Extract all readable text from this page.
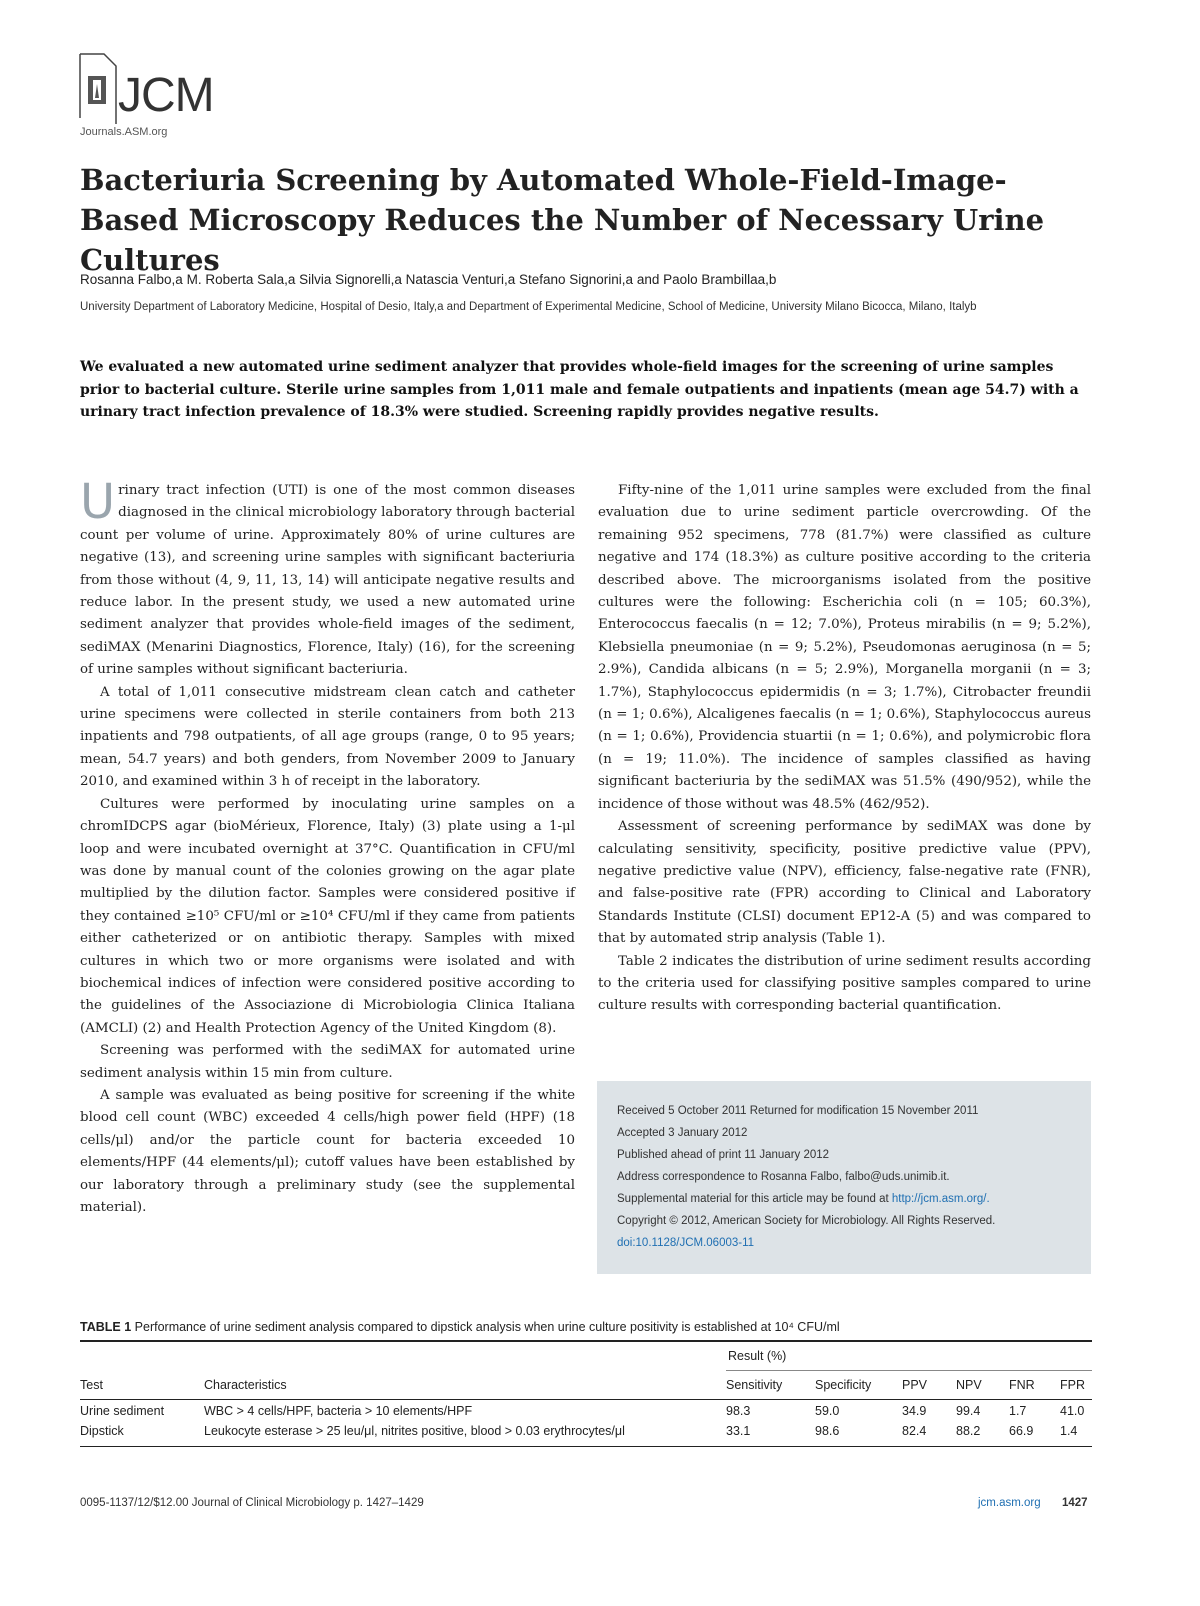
JCM
Journals.ASM.org
Bacteriuria Screening by Automated Whole-Field-Image-Based Microscopy Reduces the Number of Necessary Urine Cultures
Rosanna Falbo,a M. Roberta Sala,a Silvia Signorelli,a Natascia Venturi,a Stefano Signorini,a and Paolo Brambillaa,b
University Department of Laboratory Medicine, Hospital of Desio, Italy,a and Department of Experimental Medicine, School of Medicine, University Milano Bicocca, Milano, Italyb

We evaluated a new automated urine sediment analyzer that provides whole-field images for the screening of urine samples prior to bacterial culture. Sterile urine samples from 1,011 male and female outpatients and inpatients (mean age 54.7) with a urinary tract infection prevalence of 18.3% were studied. Screening rapidly provides negative results.

Urinary tract infection (UTI) is one of the most common diseases diagnosed in the clinical microbiology laboratory through bacterial count per volume of urine. Approximately 80% of urine cultures are negative (13), and screening urine samples with significant bacteriuria from those without (4, 9, 11, 13, 14) will anticipate negative results and reduce labor. In the present study, we used a new automated urine sediment analyzer that provides whole-field images of the sediment, sediMAX (Menarini Diagnostics, Florence, Italy) (16), for the screening of urine samples without significant bacteriuria.

A total of 1,011 consecutive midstream clean catch and catheter urine specimens were collected in sterile containers from both 213 inpatients and 798 outpatients, of all age groups (range, 0 to 95 years; mean, 54.7 years) and both genders, from November 2009 to January 2010, and examined within 3 h of receipt in the laboratory.

Cultures were performed by inoculating urine samples on a chromIDCPS agar (bioMérieux, Florence, Italy) (3) plate using a 1-μl loop and were incubated overnight at 37°C. Quantification in CFU/ml was done by manual count of the colonies growing on the agar plate multiplied by the dilution factor. Samples were considered positive if they contained ≥10⁵ CFU/ml or ≥10⁴ CFU/ml if they came from patients either catheterized or on antibiotic therapy. Samples with mixed cultures in which two or more organisms were isolated and with biochemical indices of infection were considered positive according to the guidelines of the Associazione di Microbiologia Clinica Italiana (AMCLI) (2) and Health Protection Agency of the United Kingdom (8).

Screening was performed with the sediMAX for automated urine sediment analysis within 15 min from culture.

A sample was evaluated as being positive for screening if the white blood cell count (WBC) exceeded 4 cells/high power field (HPF) (18 cells/μl) and/or the particle count for bacteria exceeded 10 elements/HPF (44 elements/μl); cutoff values have been established by our laboratory through a preliminary study (see the supplemental material).

Fifty-nine of the 1,011 urine samples were excluded from the final evaluation due to urine sediment particle overcrowding. Of the remaining 952 specimens, 778 (81.7%) were classified as culture negative and 174 (18.3%) as culture positive according to the criteria described above. The microorganisms isolated from the positive cultures were the following: Escherichia coli (n = 105; 60.3%), Enterococcus faecalis (n = 12; 7.0%), Proteus mirabilis (n = 9; 5.2%), Klebsiella pneumoniae (n = 9; 5.2%), Pseudomonas aeruginosa (n = 5; 2.9%), Candida albicans (n = 5; 2.9%), Morganella morganii (n = 3; 1.7%), Staphylococcus epidermidis (n = 3; 1.7%), Citrobacter freundii (n = 1; 0.6%), Alcaligenes faecalis (n = 1; 0.6%), Staphylococcus aureus (n = 1; 0.6%), Providencia stuartii (n = 1; 0.6%), and polymicrobic flora (n = 19; 11.0%). The incidence of samples classified as having significant bacteriuria by the sediMAX was 51.5% (490/952), while the incidence of those without was 48.5% (462/952).

Assessment of screening performance by sediMAX was done by calculating sensitivity, specificity, positive predictive value (PPV), negative predictive value (NPV), efficiency, false-negative rate (FNR), and false-positive rate (FPR) according to Clinical and Laboratory Standards Institute (CLSI) document EP12-A (5) and was compared to that by automated strip analysis (Table 1).

Table 2 indicates the distribution of urine sediment results according to the criteria used for classifying positive samples compared to urine culture results with corresponding bacterial quantification.

Received 5 October 2011 Returned for modification 15 November 2011
Accepted 3 January 2012
Published ahead of print 11 January 2012
Address correspondence to Rosanna Falbo, falbo@uds.unimib.it.
Supplemental material for this article may be found at http://jcm.asm.org/.
Copyright © 2012, American Society for Microbiology. All Rights Reserved.
doi:10.1128/JCM.06003-11
TABLE 1 Performance of urine sediment analysis compared to dipstick analysis when urine culture positivity is established at 10⁴ CFU/ml
Result (%)
Test	Characteristics	Sensitivity	Specificity PPV NPV FNR FPR
Urine sediment	WBC > 4 cells/HPF, bacteria > 10 elements/HPF	98.3	59.0	34.9 99.4 1.7	41.0
Dipstick	Leukocyte esterase > 25 leu/μl, nitrites positive, blood > 0.03 erythrocytes/μl	33.1	98.6	82.4 88.2 66.9 1.4
0095-1137/12/$12.00 Journal of Clinical Microbiology p. 1427–1429	jcm.asm.org 1427
